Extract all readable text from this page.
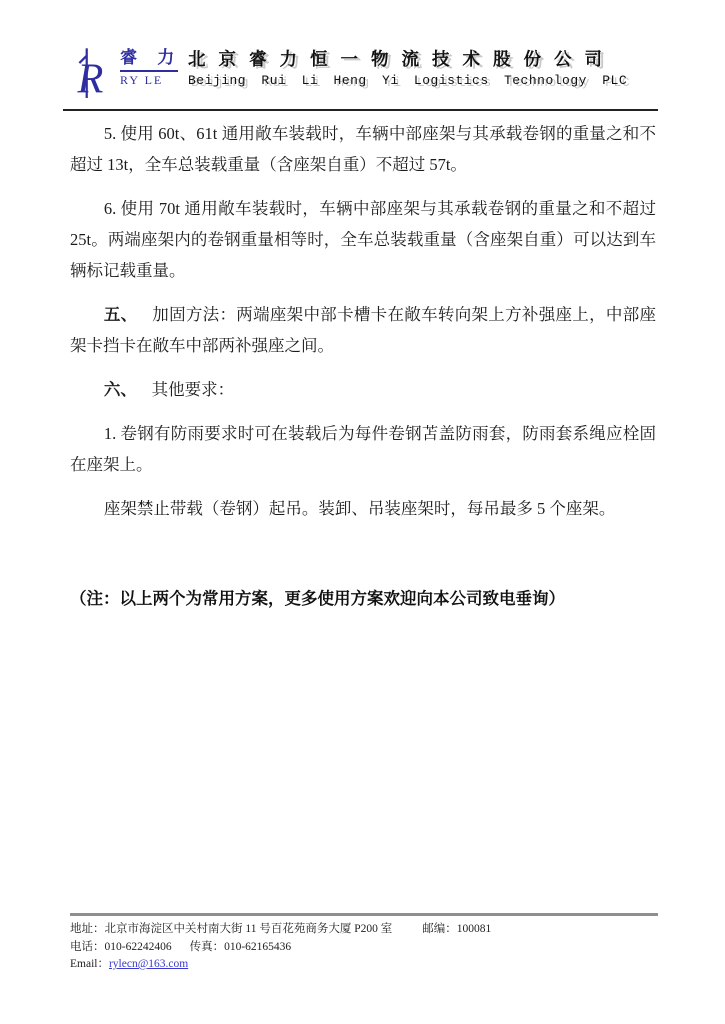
R 睿 力
RY LE
北京睿力恒一物流技术股份公司
Beijing Rui Li Heng Yi Logistics Technology PLC

5. 使用 60t、61t 通用敞车装载时，车辆中部座架与其承载卷钢的重量之和不超过 13t，全车总装载重量（含座架自重）不超过 57t。

6. 使用 70t 通用敞车装载时，车辆中部座架与其承载卷钢的重量之和不超过 25t。两端座架内的卷钢重量相等时，全车总装载重量（含座架自重）可以达到车辆标记载重量。

五、 加固方法：两端座架中部卡槽卡在敞车转向架上方补强座上，中部座架卡挡卡在敞车中部两补强座之间。

六、 其他要求：

1. 卷钢有防雨要求时可在装载后为每件卷钢苫盖防雨套，防雨套系绳应栓固在座架上。

座架禁止带载（卷钢）起吊。装卸、吊装座架时，每吊最多 5 个座架。

（注：以上两个为常用方案，更多使用方案欢迎向本公司致电垂询）

地址：北京市海淀区中关村南大街 11 号百花苑商务大厦 P200 室	邮编：100081
电话：010-62242406 传真：010-62165436
Email：rylecn@163.com
